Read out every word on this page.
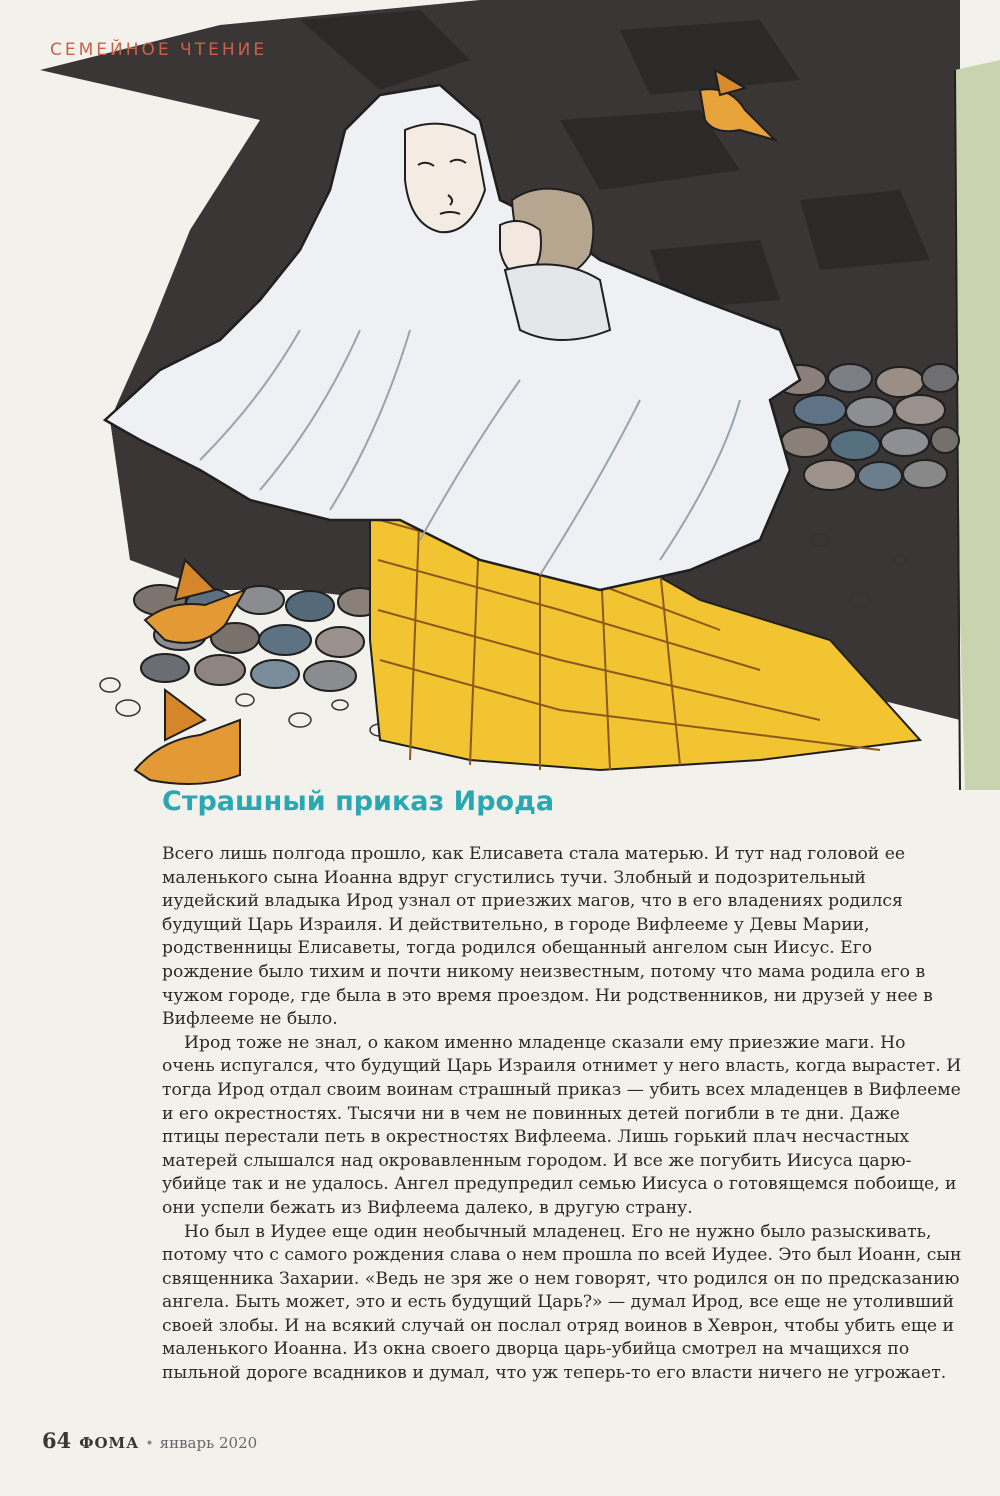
СЕМЕЙНОЕ ЧТЕНИЕ
Страшный приказ Ирода

Всего лишь полгода прошло, как Елисавета стала матерью. И тут над головой ее маленького сына Иоанна вдруг сгустились тучи. Злобный и подозрительный иудейский владыка Ирод узнал от приезжих магов, что в его владениях родился будущий Царь Израиля. И действительно, в городе Вифлееме у Девы Марии, родственницы Елисаветы, тогда родился обещанный ангелом сын Иисус. Его рождение было тихим и почти никому неизвестным, потому что мама родила его в чужом городе, где была в это время проездом. Ни родственников, ни друзей у нее в Вифлееме не было.

Ирод тоже не знал, о каком именно младенце сказали ему приезжие маги. Но очень испугался, что будущий Царь Израиля отнимет у него власть, когда вырастет. И тогда Ирод отдал своим воинам страшный приказ — убить всех младенцев в Вифлееме и его окрестностях. Тысячи ни в чем не повинных детей погибли в те дни. Даже птицы перестали петь в окрестностях Вифлеема. Лишь горький плач несчастных матерей слышался над окровавленным городом. И все же погубить Иисуса царю-убийце так и не удалось. Ангел предупредил семью Иисуса о готовящемся побоище, и они успели бежать из Вифлеема далеко, в другую страну.

Но был в Иудее еще один необычный младенец. Его не нужно было разыскивать, потому что с самого рождения слава о нем прошла по всей Иудее. Это был Иоанн, сын священника Захарии. «Ведь не зря же о нем говорят, что родился он по предсказанию ангела. Быть может, это и есть будущий Царь?» — думал Ирод, все еще не утоливший своей злобы. И на всякий случай он послал отряд воинов в Хеврон, чтобы убить еще и маленького Иоанна. Из окна своего дворца царь-убийца смотрел на мчащихся по пыльной дороге всадников и думал, что уж теперь-то его власти ничего не угрожает.

64 ФОМА • январь 2020
